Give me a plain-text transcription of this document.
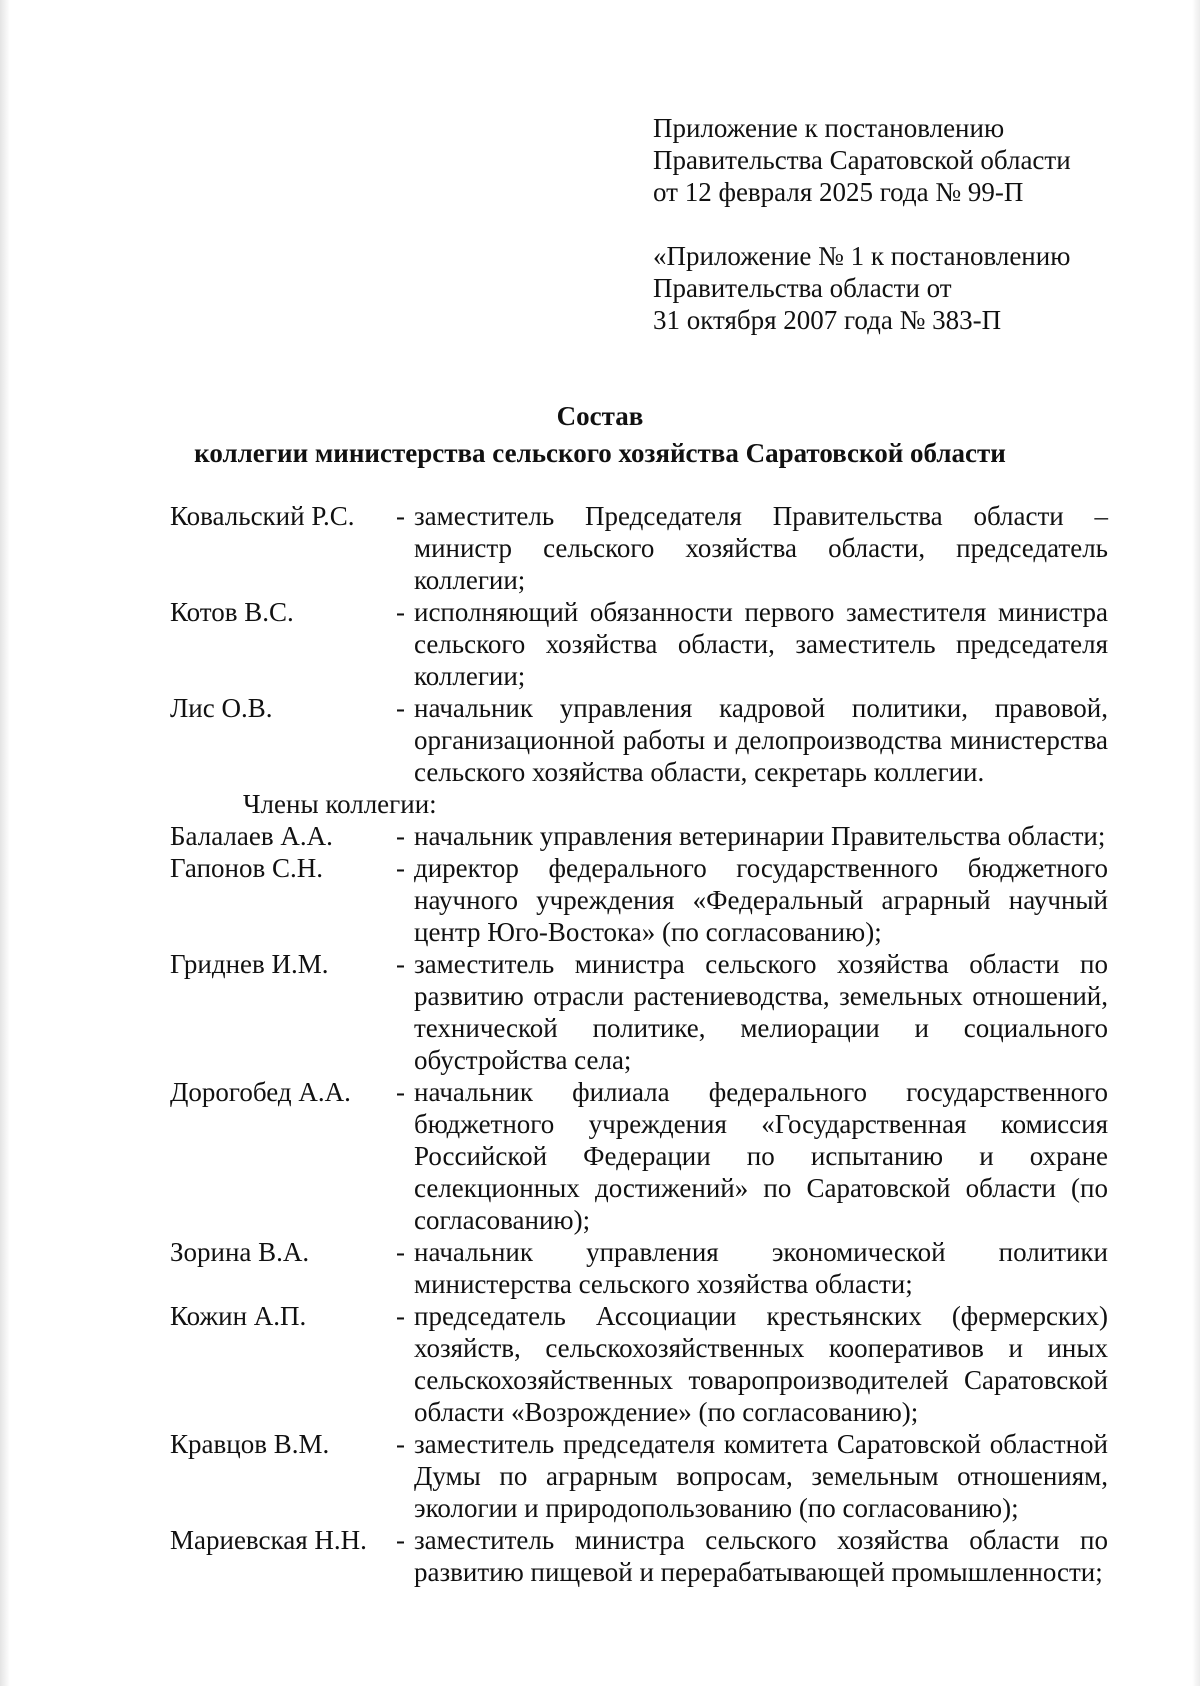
Приложение к постановлению
Правительства Саратовской области
от 12 февраля 2025 года № 99-П
«Приложение № 1 к постановлению
Правительства области от
31 октября 2007 года № 383-П
Состав
коллегии министерства сельского хозяйства Саратовской области
Ковальский Р.С.	- заместитель Председателя Правительства области – министр сельского хозяйства области, председатель коллегии;
Котов В.С.	- исполняющий обязанности первого заместителя министра сельского хозяйства области, заместитель председателя коллегии;
Лис О.В.	- начальник управления кадровой политики, правовой, организационной работы и делопроизводства министерства сельского хозяйства области, секретарь коллегии.
Члены коллегии:
Балалаев А.А.	- начальник управления ветеринарии Правительства области;
Гапонов С.Н.	- директор федерального государственного бюджетного научного учреждения «Федеральный аграрный научный центр Юго-Востока» (по согласованию);
Гриднев И.М.	- заместитель министра сельского хозяйства области по развитию отрасли растениеводства, земельных отношений, технической политике, мелиорации и социального обустройства села;
Дорогобед А.А.	- начальник филиала федерального государственного бюджетного учреждения «Государственная комиссия Российской Федерации по испытанию и охране селекционных достижений» по Саратовской области (по согласованию);
Зорина В.А.	- начальник управления экономической политики министерства сельского хозяйства области;
Кожин А.П.	- председатель Ассоциации крестьянских (фермерских) хозяйств, сельскохозяйственных кооперативов и иных сельскохозяйственных товаропроизводителей Саратовской области «Возрождение» (по согласованию);
Кравцов В.М.	- заместитель председателя комитета Саратовской областной Думы по аграрным вопросам, земельным отношениям, экологии и природопользованию (по согласованию);
Мариевская Н.Н.	- заместитель министра сельского хозяйства области по развитию пищевой и перерабатывающей промышленности;
